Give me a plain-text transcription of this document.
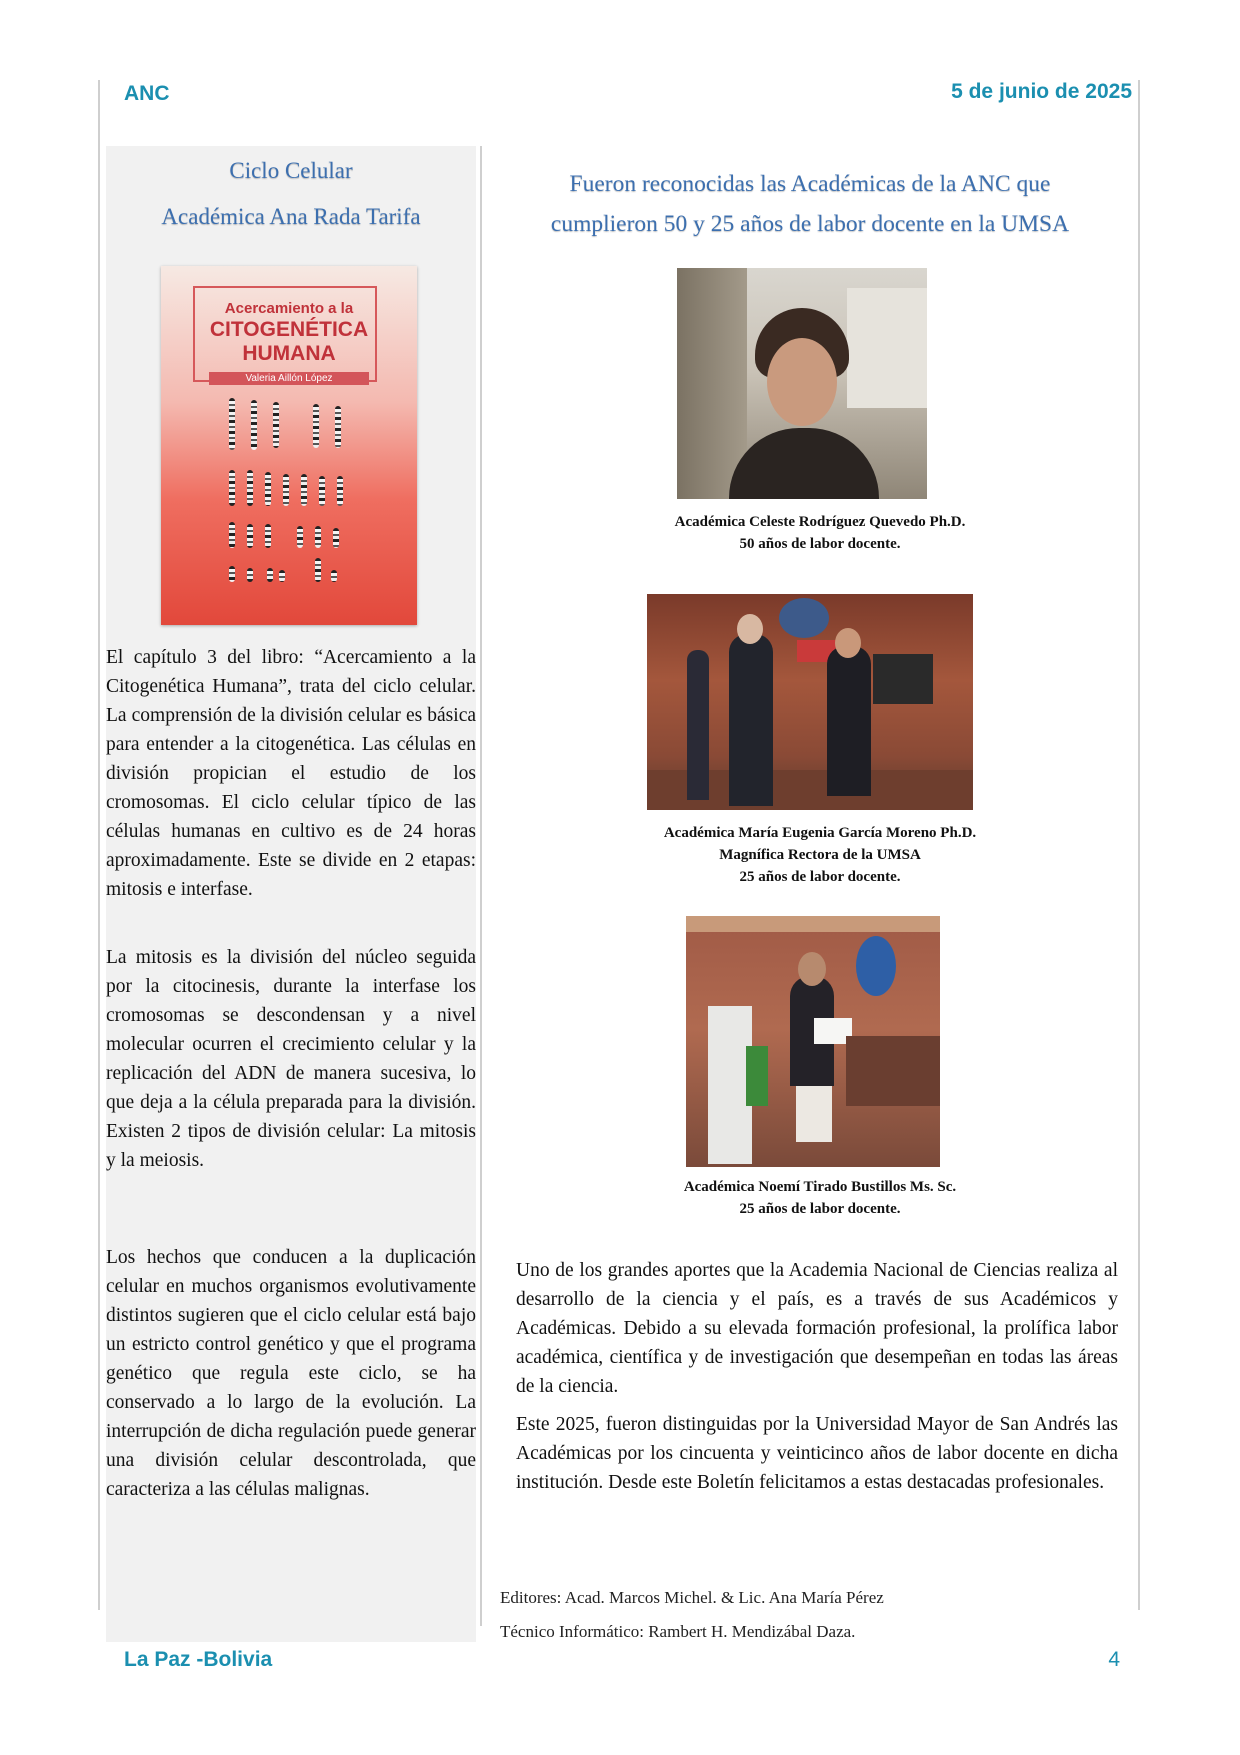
ANC	5 de junio de 2025
Ciclo Celular
Académica Ana Rada Tarifa
Acercamiento a la
CITOGENÉTICA
HUMANA
Valeria Aillón López

El capítulo 3 del libro: “Acercamiento a la Citogenética Humana”, trata del ciclo celular. La comprensión de la división celular es básica para entender a la citogenética. Las células en división propician el estudio de los cromosomas. El ciclo celular típico de las células humanas en cultivo es de 24 horas aproximadamente. Este se divide en 2 etapas: mitosis e interfase.

La mitosis es la división del núcleo seguida por la citocinesis, durante la interfase los cromosomas se descondensan y a nivel molecular ocurren el crecimiento celular y la replicación del ADN de manera sucesiva, lo que deja a la célula preparada para la división. Existen 2 tipos de división celular: La mitosis y la meiosis.

Los hechos que conducen a la duplicación celular en muchos organismos evolutivamente distintos sugieren que el ciclo celular está bajo un estricto control genético y que el programa genético que regula este ciclo, se ha conservado a lo largo de la evolución. La interrupción de dicha regulación puede generar una división celular descontrolada, que caracteriza a las células malignas.

Fueron reconocidas las Académicas de la ANC que
cumplieron 50 y 25 años de labor docente en la UMSA
Académica Celeste Rodríguez Quevedo Ph.D.
50 años de labor docente.
Académica María Eugenia García Moreno Ph.D.
Magnífica Rectora de la UMSA
25 años de labor docente.
Académica Noemí Tirado Bustillos Ms. Sc.
25 años de labor docente.

Uno de los grandes aportes que la Academia Nacional de Ciencias realiza al desarrollo de la ciencia y el país, es a través de sus Académicos y Académicas. Debido a su elevada formación profesional, la prolífica labor académica, científica y de investigación que desempeñan en todas las áreas de la ciencia.

Este 2025, fueron distinguidas por la Universidad Mayor de San Andrés las Académicas por los cincuenta y veinticinco años de labor docente en dicha institución. Desde este Boletín felicitamos a estas destacadas profesionales.

Editores: Acad. Marcos Michel. & Lic. Ana María Pérez
Técnico Informático: Rambert H. Mendizábal Daza.
La Paz -Bolivia	4
